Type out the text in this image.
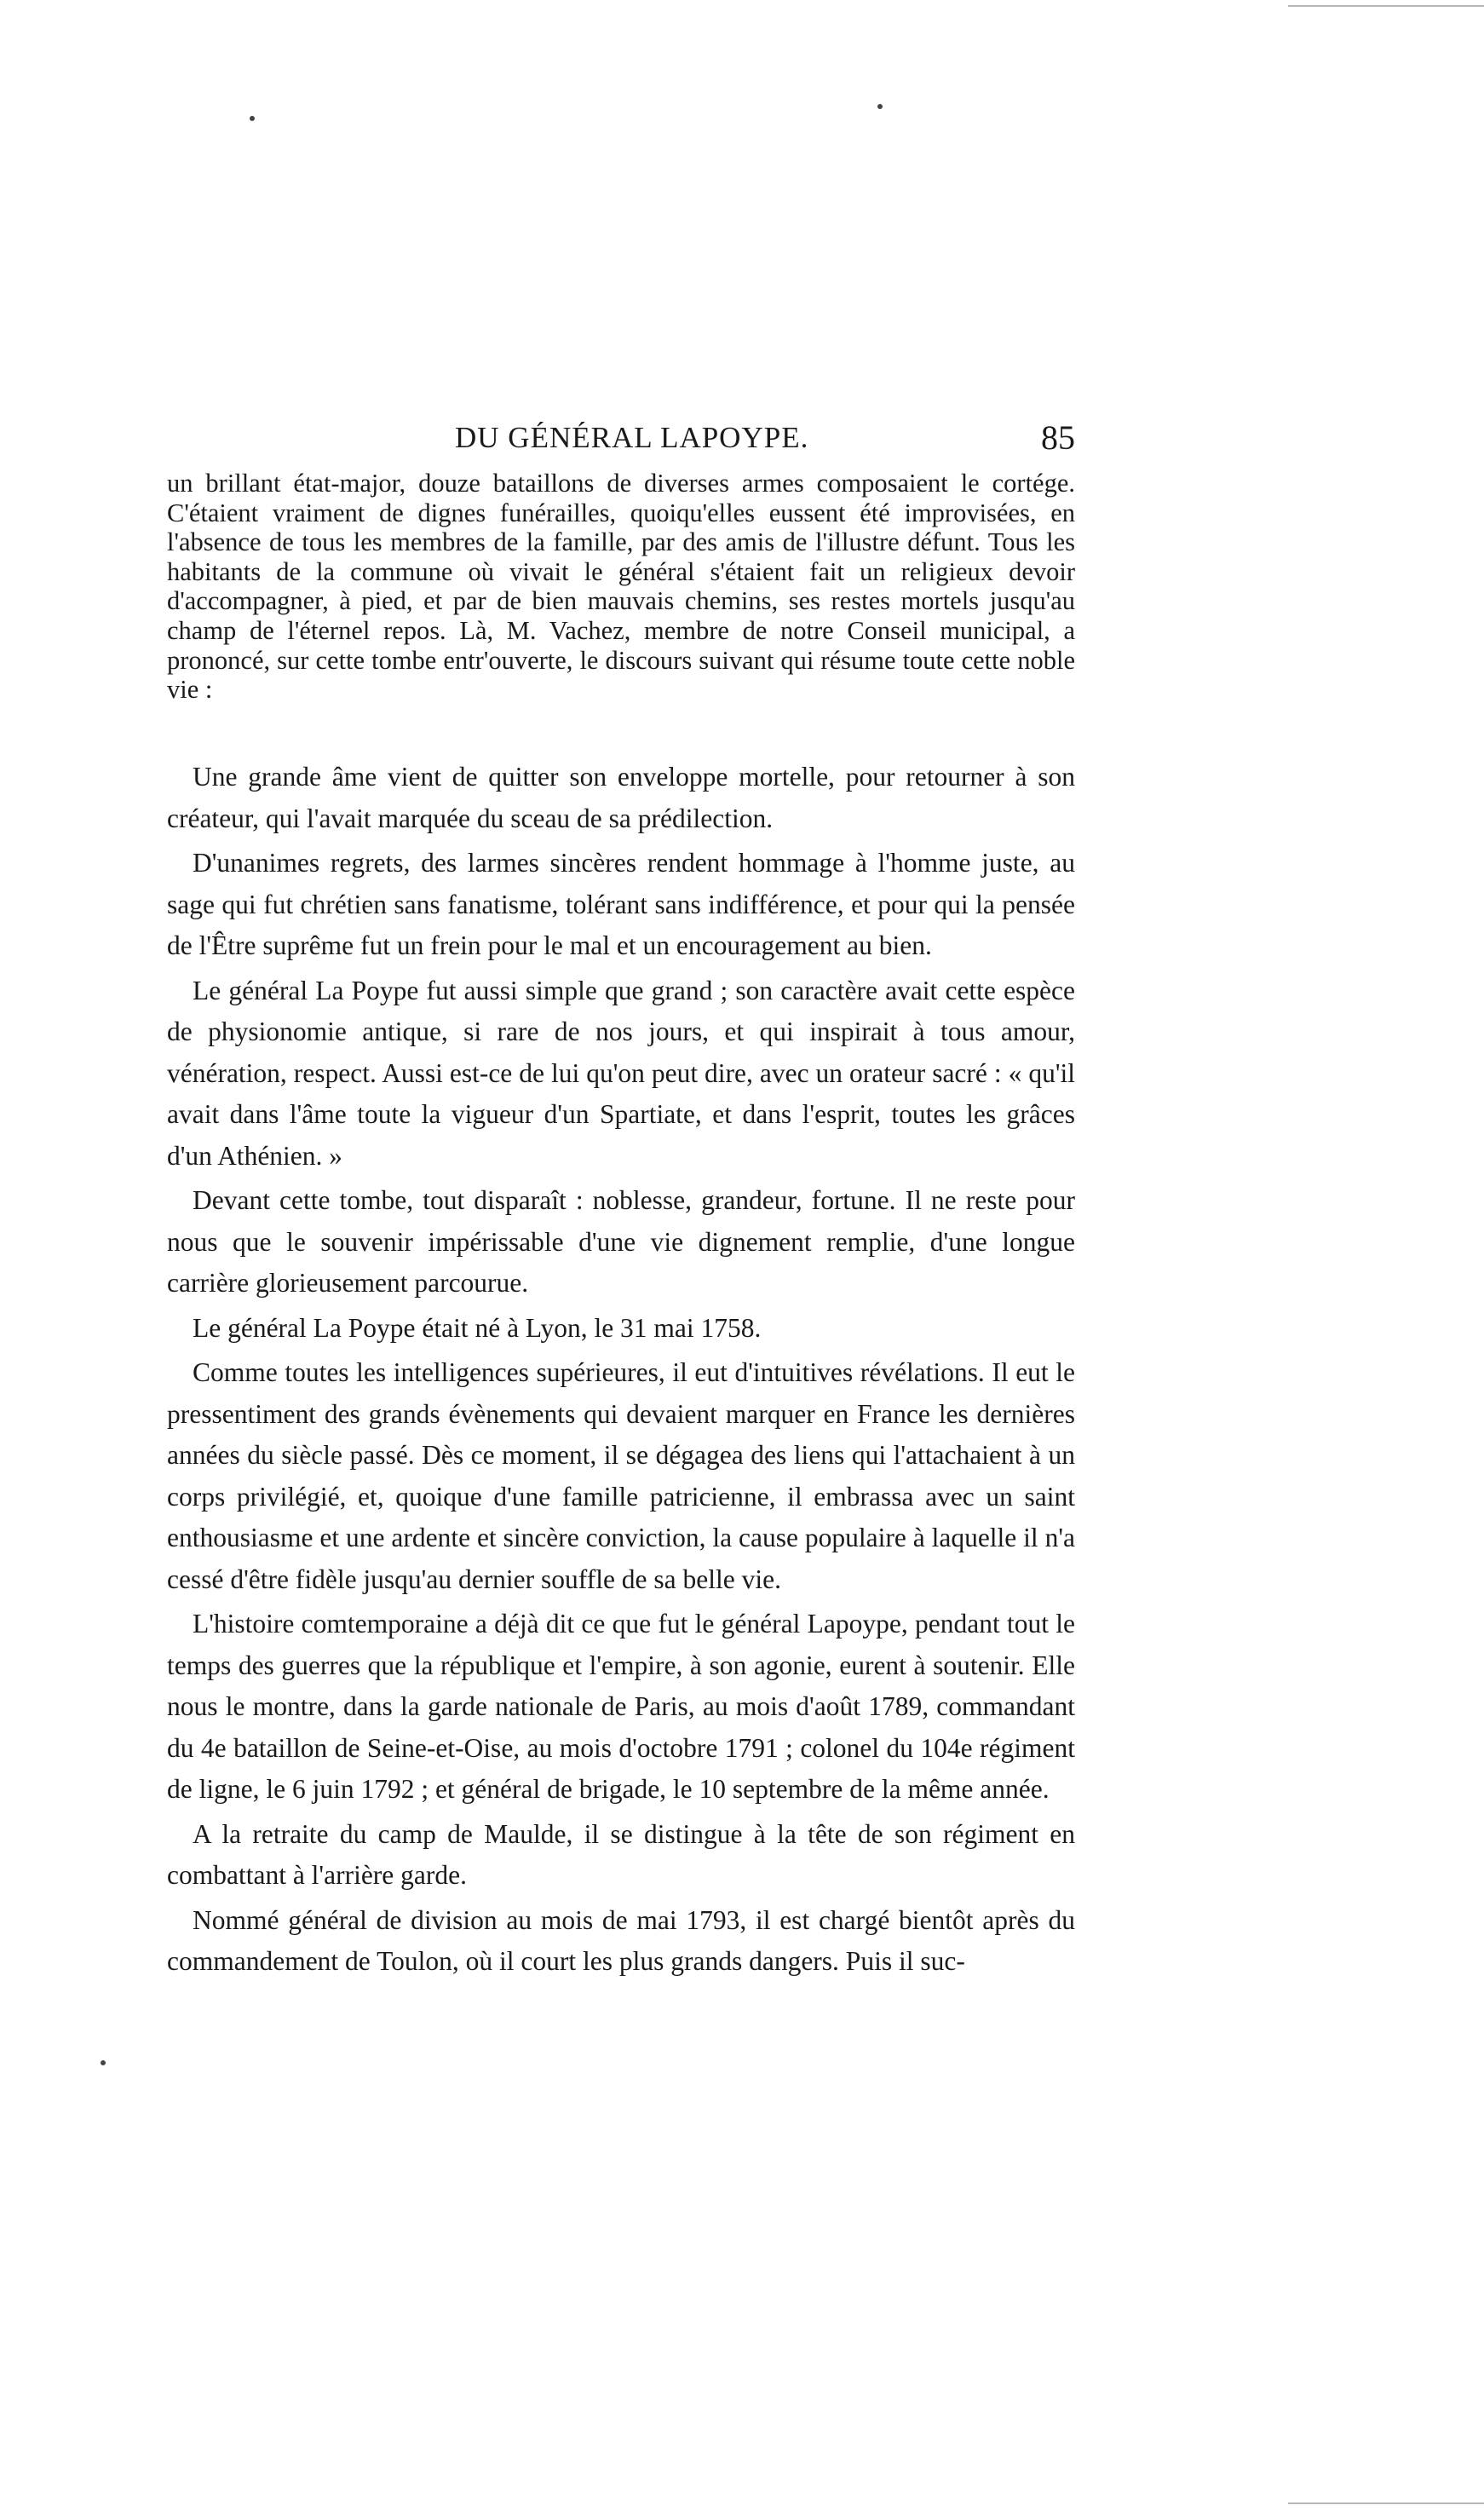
DU GÉNÉRAL LAPOYPE.	85

un brillant état-major, douze bataillons de diverses armes composaient le cortége. C'étaient vraiment de dignes funérailles, quoiqu'elles eussent été improvisées, en l'absence de tous les membres de la famille, par des amis de l'illustre défunt. Tous les habitants de la commune où vivait le général s'étaient fait un religieux devoir d'accompagner, à pied, et par de bien mauvais chemins, ses restes mortels jusqu'au champ de l'éternel repos. Là, M. Vachez, membre de notre Conseil municipal, a prononcé, sur cette tombe entr'ouverte, le discours suivant qui résume toute cette noble vie :

Une grande âme vient de quitter son enveloppe mortelle, pour retourner à son créateur, qui l'avait marquée du sceau de sa prédilection.

D'unanimes regrets, des larmes sincères rendent hommage à l'homme juste, au sage qui fut chrétien sans fanatisme, tolérant sans indifférence, et pour qui la pensée de l'Être suprême fut un frein pour le mal et un encouragement au bien.

Le général La Poype fut aussi simple que grand ; son caractère avait cette espèce de physionomie antique, si rare de nos jours, et qui inspirait à tous amour, vénération, respect. Aussi est-ce de lui qu'on peut dire, avec un orateur sacré : « qu'il avait dans l'âme toute la vigueur d'un Spartiate, et dans l'esprit, toutes les grâces d'un Athénien. »

Devant cette tombe, tout disparaît : noblesse, grandeur, fortune. Il ne reste pour nous que le souvenir impérissable d'une vie dignement remplie, d'une longue carrière glorieusement parcourue.

Le général La Poype était né à Lyon, le 31 mai 1758.

Comme toutes les intelligences supérieures, il eut d'intuitives révélations. Il eut le pressentiment des grands évènements qui devaient marquer en France les dernières années du siècle passé. Dès ce moment, il se dégagea des liens qui l'attachaient à un corps privilégié, et, quoique d'une famille patricienne, il embrassa avec un saint enthousiasme et une ardente et sincère conviction, la cause populaire à laquelle il n'a cessé d'être fidèle jusqu'au dernier souffle de sa belle vie.

L'histoire comtemporaine a déjà dit ce que fut le général Lapoype, pendant tout le temps des guerres que la république et l'empire, à son agonie, eurent à soutenir. Elle nous le montre, dans la garde nationale de Paris, au mois d'août 1789, commandant du 4e bataillon de Seine-et-Oise, au mois d'octobre 1791 ; colonel du 104e régiment de ligne, le 6 juin 1792 ; et général de brigade, le 10 septembre de la même année.

A la retraite du camp de Maulde, il se distingue à la tête de son régiment en combattant à l'arrière garde.

Nommé général de division au mois de mai 1793, il est chargé bientôt après du commandement de Toulon, où il court les plus grands dangers. Puis il suc-
